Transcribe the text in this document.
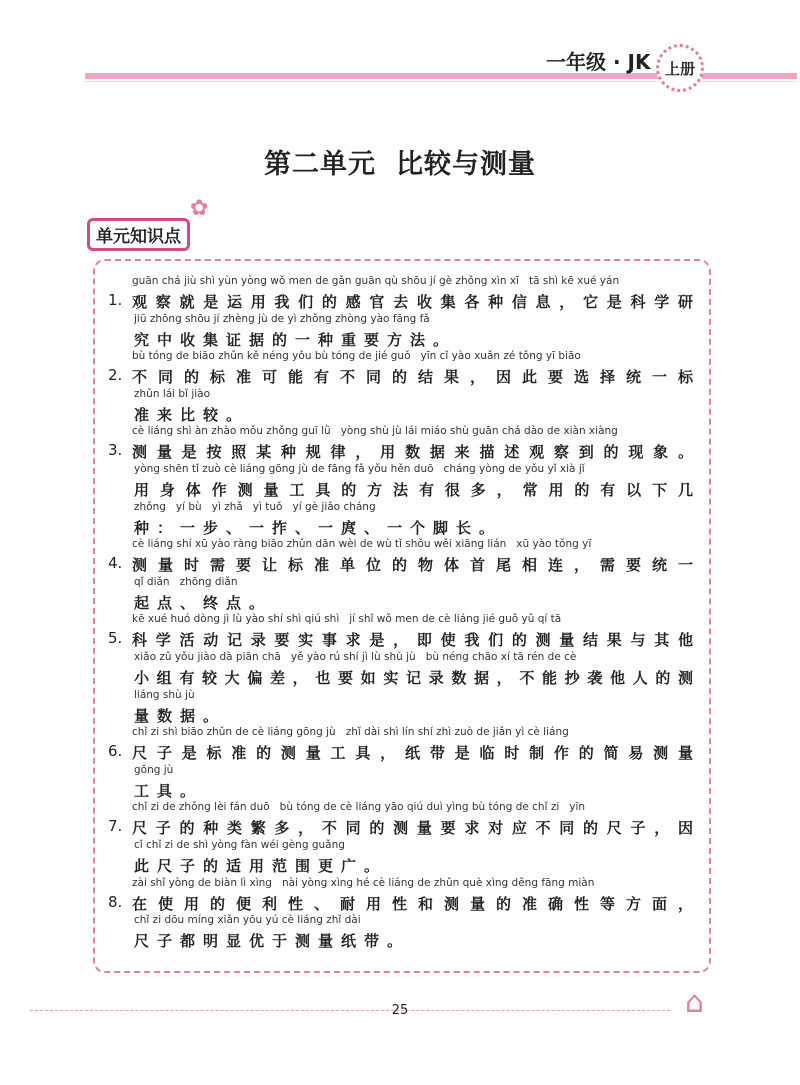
一年级 · JK 上册
第二单元 比较与测量
单元知识点
✿
1.
guān chá jiù shì yùn yòng wǒ men de gǎn guān qù shōu jí gè zhǒng xìn xī   tā shì kē xué yán
观 察 就 是 运 用 我 们 的 感 官 去 收 集 各 种 信 息 ， 它 是 科 学 研
jiū zhōng shōu jí zhèng jù de yì zhǒng zhòng yào fāng fǎ
究中收集证据的一种重要方法。
2.
bù tóng de biāo zhǔn kě néng yǒu bù tóng de jié guǒ   yīn cǐ yào xuǎn zé tǒng yī biāo
不 同 的 标 准 可 能 有 不 同 的 结 果 ， 因 此 要 选 择 统 一 标
zhǔn lái bǐ jiào
准来比较。
3.
cè liáng shì àn zhào mǒu zhǒng guī lǜ   yòng shù jù lái miáo shù guān chá dào de xiàn xiàng
测 量 是 按 照 某 种 规 律 ， 用 数 据 来 描 述 观 察 到 的 现 象 。
yòng shēn tǐ zuò cè liáng gōng jù de fāng fǎ yǒu hěn duō   cháng yòng de yǒu yǐ xià jǐ
用 身 体 作 测 量 工 具 的 方 法 有 很 多 ， 常 用 的 有 以 下 几
zhǒng   yí bù   yì zhǎ   yì tuǒ   yí gè jiǎo cháng
种：一步、一拃、一庹、一个脚长。
4.
cè liáng shí xū yào ràng biāo zhǔn dān wèi de wù tǐ shǒu wěi xiāng lián   xū yào tǒng yī
测 量 时 需 要 让 标 准 单 位 的 物 体 首 尾 相 连 ， 需 要 统 一
qǐ diǎn   zhōng diǎn
起点、终点。
5.
kē xué huó dòng jì lù yào shí shì qiú shì   jí shǐ wǒ men de cè liáng jié guǒ yǔ qí tā
科 学 活 动 记 录 要 实 事 求 是 ， 即 使 我 们 的 测 量 结 果 与 其 他
xiǎo zǔ yǒu jiào dà piān chā   yě yào rú shí jì lù shù jù   bù néng chāo xí tā rén de cè
小 组 有 较 大 偏 差 ， 也 要 如 实 记 录 数 据 ， 不 能 抄 袭 他 人 的 测
liáng shù jù
量数据。
6.
chǐ zi shì biāo zhǔn de cè liáng gōng jù   zhǐ dài shì lín shí zhì zuò de jiǎn yì cè liáng
尺 子 是 标 准 的 测 量 工 具 ， 纸 带 是 临 时 制 作 的 简 易 测 量
gōng jù
工具。
7.
chǐ zi de zhǒng lèi fán duō   bù tóng de cè liáng yāo qiú duì yìng bù tóng de chǐ zi   yīn
尺 子 的 种 类 繁 多 ， 不 同 的 测 量 要 求 对 应 不 同 的 尺 子 ， 因
cǐ chǐ zi de shì yòng fàn wéi gèng guǎng
此尺子的适用范围更广。
8.
zài shǐ yòng de biàn lì xìng   nài yòng xìng hé cè liáng de zhǔn què xìng děng fāng miàn
在 使 用 的 便 利 性 、 耐 用 性 和 测 量 的 准 确 性 等 方 面 ，
chǐ zi dōu míng xiǎn yōu yú cè liáng zhǐ dài
尺子都明显优于测量纸带。
25	⌂
